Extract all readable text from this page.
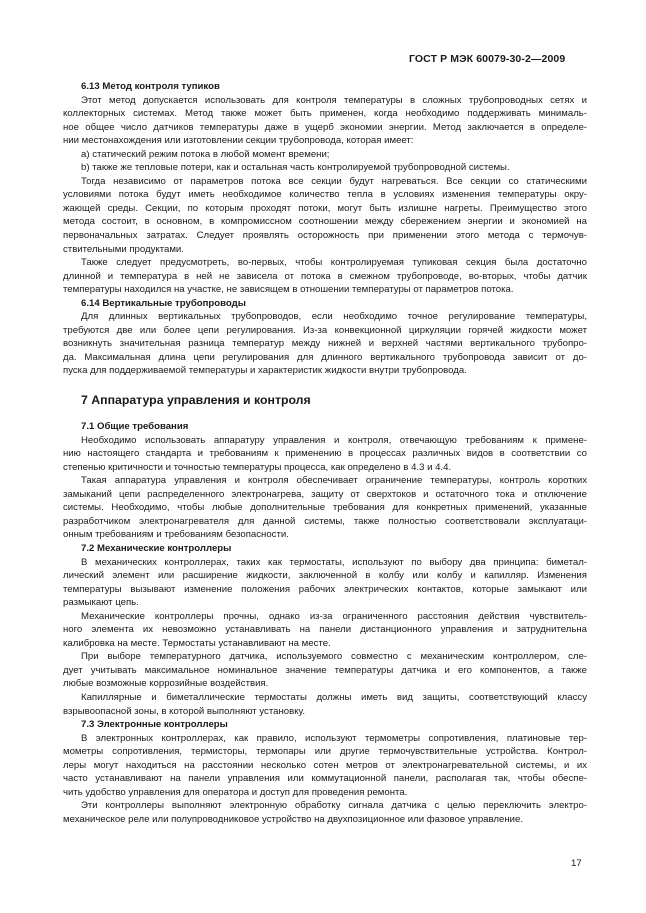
ГОСТ Р МЭК 60079-30-2—2009
6.13 Метод контроля тупиков
Этот метод допускается использовать для контроля температуры в сложных трубопроводных сетях и
коллекторных системах. Метод также может быть применен, когда необходимо поддерживать минималь-
ное общее число датчиков температуры даже в ущерб экономии энергии. Метод заключается в определе-
нии местонахождения или изготовлении секции трубопровода, которая имеет:
а) статический режим потока в любой момент времени;
b) также же тепловые потери, как и остальная часть контролируемой трубопроводной системы.
Тогда независимо от параметров потока все секции будут нагреваться. Все секции со статическими
условиями потока будут иметь необходимое количество тепла в условиях изменения температуры окру-
жающей среды. Секции, по которым проходят потоки, могут быть излишне нагреты. Преимущество этого
метода состоит, в основном, в компромиссном соотношении между сбережением энергии и экономией на
первоначальных затратах. Следует проявлять осторожность при применении этого метода с термочув-
ствительными продуктами.
Также следует предусмотреть, во-первых, чтобы контролируемая тупиковая секция была достаточно
длинной и температура в ней не зависела от потока в смежном трубопроводе, во-вторых, чтобы датчик
температуры находился на участке, не зависящем в отношении температуры от параметров потока.
6.14 Вертикальные трубопроводы
Для длинных вертикальных трубопроводов, если необходимо точное регулирование температуры,
требуются две или более цепи регулирования. Из-за конвекционной циркуляции горячей жидкости может
возникнуть значительная разница температур между нижней и верхней частями вертикального трубопро-
да. Максимальная длина цепи регулирования для длинного вертикального трубопровода зависит от до-
пуска для поддерживаемой температуры и характеристик жидкости внутри трубопровода.
7 Аппаратура управления и контроля
7.1 Общие требования
Необходимо использовать аппаратуру управления и контроля, отвечающую требованиям к примене-
нию настоящего стандарта и требованиям к применению в процессах различных видов в соответствии со
степенью критичности и точностью температуры процесса, как определено в 4.3 и 4.4.
Такая аппаратура управления и контроля обеспечивает ограничение температуры, контроль коротких
замыканий цепи распределенного электронагрева, защиту от сверхтоков и остаточного тока и отключение
системы. Необходимо, чтобы любые дополнительные требования для конкретных применений, указанные
разработчиком электронагревателя для данной системы, также полностью соответствовали эксплуатаци-
онным требованиям и требованиям безопасности.
7.2 Механические контроллеры
В механических контроллерах, таких как термостаты, используют по выбору два принципа: биметал-
лический элемент или расширение жидкости, заключенной в колбу или колбу и капилляр. Изменения
температуры вызывают изменение положения рабочих электрических контактов, которые замыкают или
размыкают цепь.
Механические контроллеры прочны, однако из-за ограниченного расстояния действия чувствитель-
ного элемента их невозможно устанавливать на панели дистанционного управления и затруднительна
калибровка на месте. Термостаты устанавливают на месте.
При выборе температурного датчика, используемого совместно с механическим контроллером, сле-
дует учитывать максимальное номинальное значение температуры датчика и его компонентов, а также
любые возможные коррозийные воздействия.
Капиллярные и биметаллические термостаты должны иметь вид защиты, соответствующий классу
взрывоопасной зоны, в которой выполняют установку.
7.3 Электронные контроллеры
В электронных контроллерах, как правило, используют термометры сопротивления, платиновые тер-
мометры сопротивления, термисторы, термопары или другие термочувствительные устройства. Контрол-
леры могут находиться на расстоянии несколько сотен метров от электронагревательной системы, и их
часто устанавливают на панели управления или коммутационной панели, располагая так, чтобы обеспе-
чить удобство управления для оператора и доступ для проведения ремонта.
Эти контроллеры выполняют электронную обработку сигнала датчика с целью переключить электро-
механическое реле или полупроводниковое устройство на двухпозиционное или фазовое управление.
17
